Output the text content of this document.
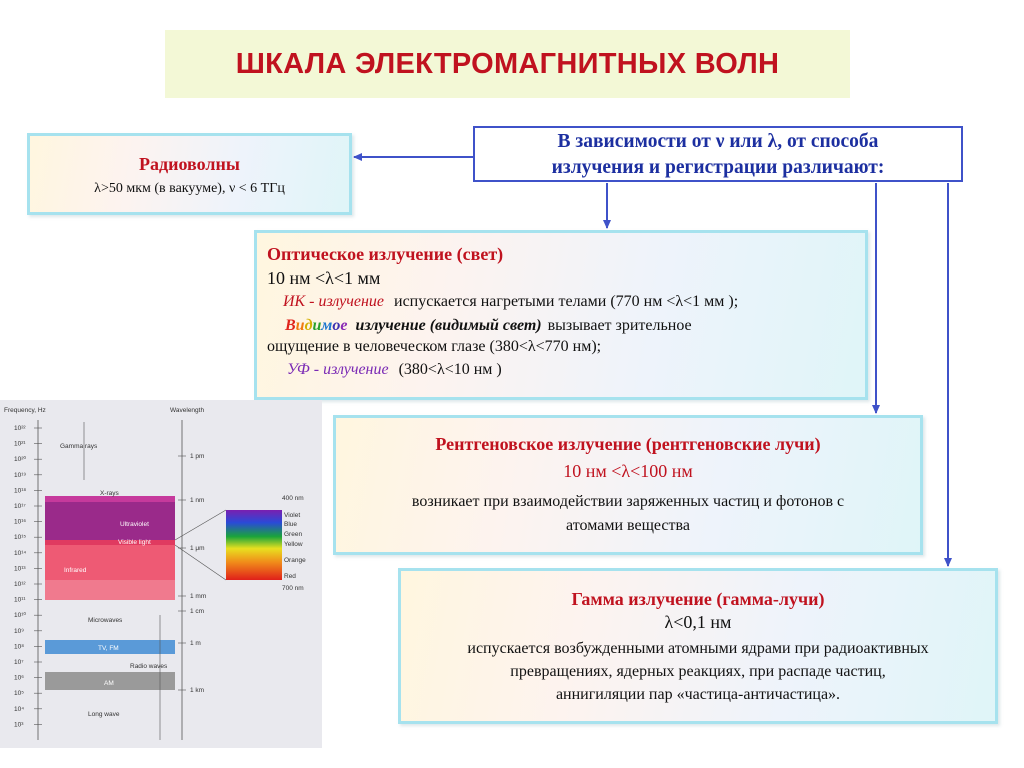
ШКАЛА ЭЛЕКТРОМАГНИТНЫХ ВОЛН
В зависимости от ν или λ, от способа
излучения и регистрации различают:
Радиоволны
λ>50 мкм (в вакууме), ν < 6 ТГц
Оптическое излучение (свет)
10 нм <λ<1 мм
ИК - излучение испускается нагретыми телами (770 нм <λ<1 мм );
Видимое излучение (видимый свет) вызывает зрительное
ощущение в человеческом глазе (380<λ<770 нм);
УФ - излучение (380<λ<10 нм )
Рентгеновское излучение (рентгеновские лучи)
10 нм <λ<100 нм
возникает при взаимодействии заряженных частиц и фотонов с
атомами вещества
Гамма излучение (гамма-лучи)
λ<0,1 нм
испускается возбужденными атомными ядрами при радиоактивных
превращениях, ядерных реакциях, при распаде частиц,
аннигиляции пар «частица-античастица».
Frequency, Hz	Wavelength
10²²
10²¹
10²⁰
10¹⁹
10¹⁸
10¹⁷
10¹⁶
10¹⁵
10¹⁴
10¹³
10¹²
10¹¹
10¹⁰
10⁹
10⁸
10⁷
10⁶
10⁵
10⁴
10³
Gamma rays
X-rays
Ultraviolet
Visible light
Infrared
Microwaves
TV, FM
Radio waves
AM
Long wave
1 pm
1 nm
1 μm
1 mm
1 cm
1 m
1 km
400 nm
700 nm
Violet
Blue
Green
Yellow
Orange
Red
